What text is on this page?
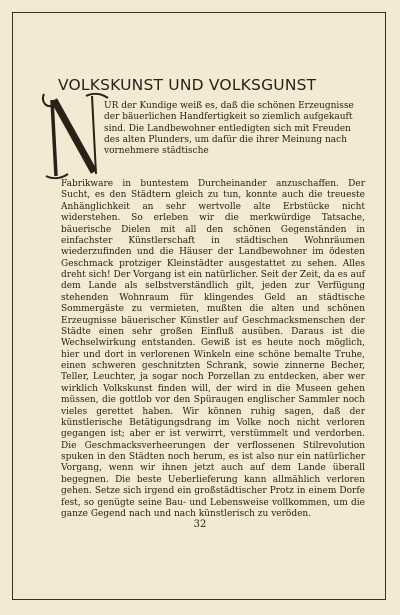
VOLKSKUNST UND VOLKSGUNST

UR der Kundige weiß es, daß die schönen Erzeugnisse der bäuerlichen Handfertigkeit so ziemlich aufgekauft sind. Die Landbewohner entledigten sich mit Freuden des alten Plunders, um dafür die ihrer Meinung nach vornehmere städtische

Fabrikware in buntestem Durcheinander anzuschaffen. Der Sucht, es den Städtern gleich zu tun, konnte auch die treueste Anhänglichkeit an sehr wertvolle alte Erbstücke nicht widerstehen. So erleben wir die merkwürdige Tatsache, bäuerische Dielen mit all den schönen Gegenständen in einfachster Künstlerschaft in städtischen Wohnräumen wiederzufinden und die Häuser der Landbewohner im ödesten Geschmack protziger Kleinstädter ausgestattet zu sehen. Alles dreht sich! Der Vorgang ist ein natürlicher. Seit der Zeit, da es auf dem Lande als selbstverständlich gilt, jeden zur Verfügung stehenden Wohnraum für klingendes Geld an städtische Sommergäste zu vermieten, mußten die alten und schönen Erzeugnisse bäuerischer Künstler auf Geschmacksmenschen der Städte einen sehr großen Einfluß ausüben. Daraus ist die Wechselwirkung entstanden. Gewiß ist es heute noch möglich, hier und dort in verlorenen Winkeln eine schöne bemalte Truhe, einen schweren geschnitzten Schrank, sowie zinnerne Becher, Teller, Leuchter, ja sogar noch Porzellan zu entdecken, aber wer wirklich Volkskunst finden will, der wird in die Museen gehen müssen, die gottlob vor den Spüraugen englischer Sammler noch vieles gerettet haben. Wir können ruhig sagen, daß der künstlerische Betätigungsdrang im Volke noch nicht verloren gegangen ist; aber er ist verwirrt, verstümmelt und verdorben. Die Geschmacksverheerungen der verflossenen Stilrevolution spuken in den Städten noch herum, es ist also nur ein natürlicher Vorgang, wenn wir ihnen jetzt auch auf dem Lande überall begegnen. Die beste Ueberlieferung kann allmählich verloren gehen. Setze sich irgend ein großstädtischer Protz in einem Dorfe fest, so genügte seine Bau- und Lebensweise vollkommen, um die ganze Gegend nach und nach künstlerisch zu veröden.

32
